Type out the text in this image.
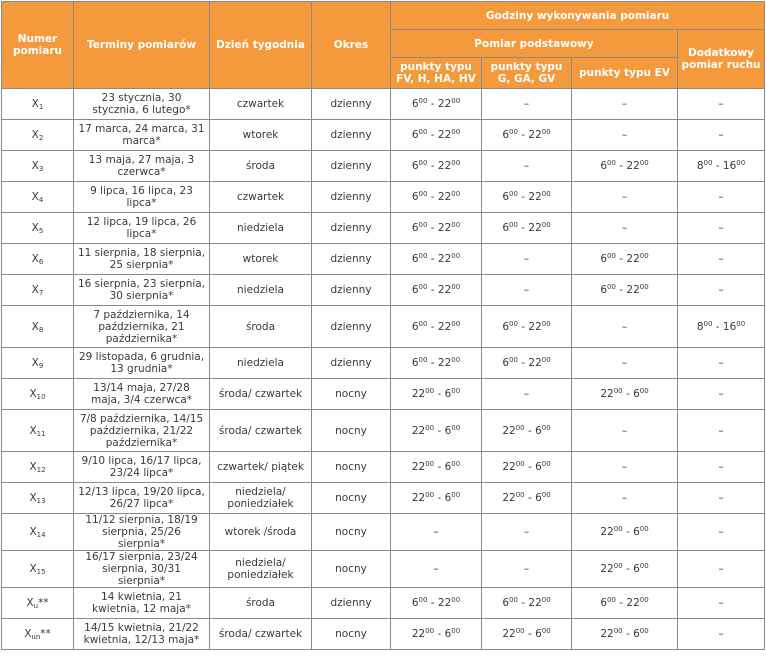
Numer pomiaru	Terminy pomiarów	Dzień tygodnia	Okres	Godziny wykonywania pomiaru			
				Pomiar podstawowy			Dodatkowy pomiar ruchu
				punkty typu FV, H, HA, HV	punkty typu G, GA, GV	punkty typu EV	
$X_1$	23 stycznia, 30 stycznia, 6 lutego*	czwartek	dzienny	$6^{00} - 22^{00}$	–	–	–
$X_2$	17 marca, 24 marca, 31 marca*	wtorek	dzienny	$6^{00} - 22^{00}$	$6^{00} - 22^{00}$	–	–
$X_3$	13 maja, 27 maja, 3 czerwca*	środa	dzienny	$6^{00} - 22^{00}$	–	$6^{00} - 22^{00}$	$8^{00} - 16^{00}$
$X_4$	9 lipca, 16 lipca, 23 lipca*	czwartek	dzienny	$6^{00} - 22^{00}$	$6^{00} - 22^{00}$	–	–
$X_5$	12 lipca, 19 lipca, 26 lipca*	niedziela	dzienny	$6^{00} - 22^{00}$	$6^{00} - 22^{00}$	–	–
$X_6$	11 sierpnia, 18 sierpnia, 25 sierpnia*	wtorek	dzienny	$6^{00} - 22^{00}$	–	$6^{00} - 22^{00}$	–
$X_7$	16 sierpnia, 23 sierpnia, 30 sierpnia*	niedziela	dzienny	$6^{00} - 22^{00}$	–	$6^{00} - 22^{00}$	–
$X_8$	7 października, 14 października, 21 października*	środa	dzienny	$6^{00} - 22^{00}$	$6^{00} - 22^{00}$	–	$8^{00} - 16^{00}$
$X_9$	29 listopada, 6 grudnia, 13 grudnia*	niedziela	dzienny	$6^{00} - 22^{00}$	$6^{00} - 22^{00}$	–	–
$X_{10}$	13/14 maja, 27/28 maja, 3/4 czerwca*	środa/ czwartek	nocny	$22^{00} - 6^{00}$	–	$22^{00} - 6^{00}$	–
$X_{11}$	7/8 października, 14/15 października, 21/22 października*	środa/ czwartek	nocny	$22^{00} - 6^{00}$	$22^{00} - 6^{00}$	–	–
$X_{12}$	9/10 lipca, 16/17 lipca, 23/24 lipca*	czwartek/ piątek	nocny	$22^{00} - 6^{00}$	$22^{00} - 6^{00}$	–	–
$X_{13}$	12/13 lipca, 19/20 lipca, 26/27 lipca*	niedziela/ poniedziałek	nocny	$22^{00} - 6^{00}$	$22^{00} - 6^{00}$	–	–
$X_{14}$	11/12 sierpnia, 18/19 sierpnia, 25/26 sierpnia*	wtorek /środa	nocny	–	–	$22^{00} - 6^{00}$	–
$X_{15}$	16/17 sierpnia, 23/24 sierpnia, 30/31 sierpnia*	niedziela/ poniedziałek	nocny	–	–	$22^{00} - 6^{00}$	–
$X_u**$	14 kwietnia, 21 kwietnia, 12 maja*	środa	dzienny	$6^{00} - 22^{00}$	$6^{00} - 22^{00}$	$6^{00} - 22^{00}$	–
$X_{un}**$	14/15 kwietnia, 21/22 kwietnia, 12/13 maja*	środa/ czwartek	nocny	$22^{00} - 6^{00}$	$22^{00} - 6^{00}$	$22^{00} - 6^{00}$	–
